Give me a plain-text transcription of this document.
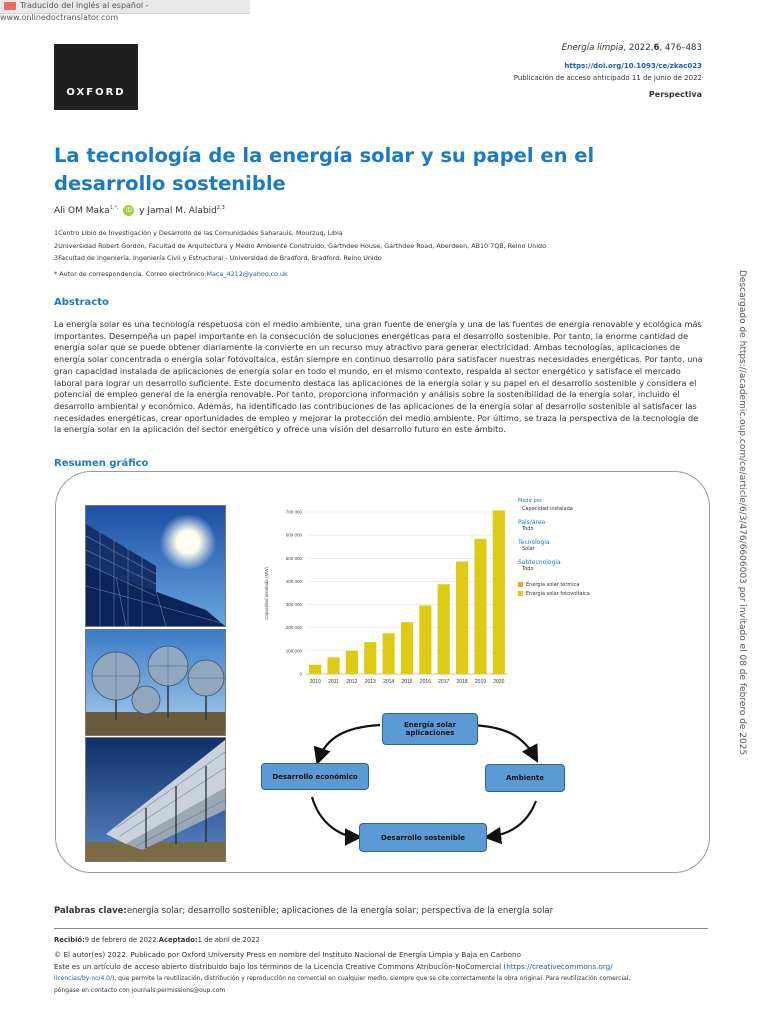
Traducido del inglés al español - www.onlinedoctranslator.com
OXFORD
Energía limpia, 2022,6, 476–483
https://doi.org/10.1093/ce/zkac023
Publicación de acceso anticipado 11 de junio de 2022
Perspectiva
La tecnología de la energía solar y su papel en el desarrollo sostenible
Ali OM Maka$^{1,*,}$ iD y Jamal M. Alabid$^{2,3}$
1Centro Libio de Investigación y Desarrollo de las Comunidades Saharauis, Mourzuq, Libia
2Universidad Robert Gordon, Facultad de Arquitectura y Medio Ambiente Construido, Garthdee House, Garthdee Road, Aberdeen, AB10 7QB, Reino Unido
3Facultad de Ingeniería, Ingeniería Civil y Estructural - Universidad de Bradford, Bradford, Reino Unido
* Autor de correspondencia. Correo electrónico:Maca_4212@yahoo.co.uk
Abstracto
La energía solar es una tecnología respetuosa con el medio ambiente, una gran fuente de energía y una de las fuentes de energía renovable y ecológica más importantes. Desempeña un papel importante en la consecución de soluciones energéticas para el desarrollo sostenible. Por tanto, la enorme cantidad de energía solar que se puede obtener diariamente la convierte en un recurso muy atractivo para generar electricidad. Ambas tecnologías, aplicaciones de energía solar concentrada o energía solar fotovoltaica, están siempre en continuo desarrollo para satisfacer nuestras necesidades energéticas. Por tanto, una gran capacidad instalada de aplicaciones de energía solar en todo el mundo, en el mismo contexto, respalda al sector energético y satisface el mercado laboral para lograr un desarrollo suficiente. Este documento destaca las aplicaciones de la energía solar y su papel en el desarrollo sostenible y considera el potencial de empleo general de la energía renovable. Por tanto, proporciona información y análisis sobre la sostenibilidad de la energía solar, incluido el desarrollo ambiental y económico. Además, ha identificado las contribuciones de las aplicaciones de la energía solar al desarrollo sostenible al satisfacer las necesidades energéticas, crear oportunidades de empleo y mejorar la protección del medio ambiente. Por último, se traza la perspectiva de la tecnología de la energía solar en la aplicación del sector energético y ofrece una visión del desarrollo futuro en este ámbito.
Resumen gráfico
Capacidad instalada (MW)
0
100 000
200 000
300 000
400 000
500 000
600 000
700 000
2010 2011 2012 2013 2014 2015 2016 2017 2018 2019 2020
Medir por
Capacidad instalada
País/área
Todo
Tecnología
Solar
Subtecnología
Todo
Energía solar térmica
Energía solar fotovoltaica
Energía solar aplicaciones
Desarrollo económico	Ambiente
Desarrollo sostenible
Palabras clave:energía solar; desarrollo sostenible; aplicaciones de la energía solar; perspectiva de la energía solar
Recibió:9 de febrero de 2022.Aceptado:1 de abril de 2022
© El autor(es) 2022. Publicado por Oxford University Press en nombre del Instituto Nacional de Energía Limpia y Baja en Carbono
Este es un artículo de acceso abierto distribuido bajo los términos de la Licencia Creative Commons Atribución-NoComercial (https://creativecommons.org/
licencias/by-nc/4.0/), que permite la reutilización, distribución y reproducción no comercial en cualquier medio, siempre que se cite correctamente la obra original. Para reutilización comercial,
póngase en contacto con journals.permissions@oup.com
Descargado de https://academic.oup.com/ce/article/6/3/476/6606003 por invitado el 08 de febrero de 2025
